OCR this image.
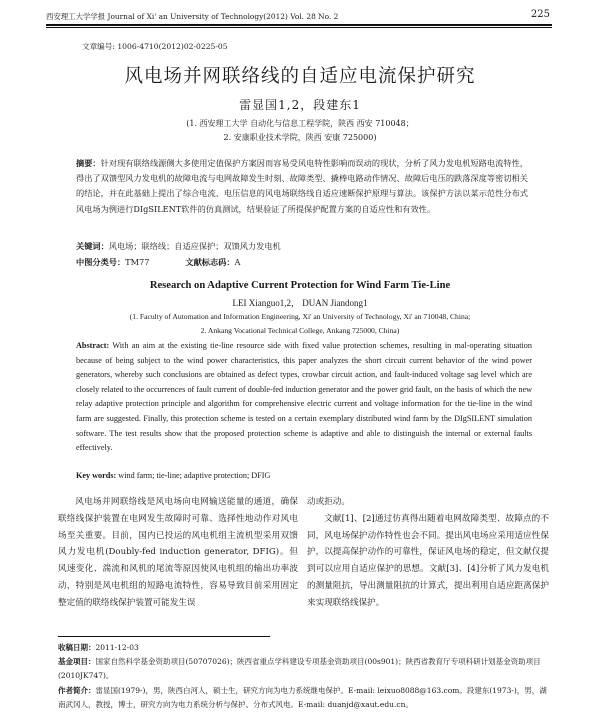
西安理工大学学报 Journal of Xi' an University of Technology(2012) Vol. 28 No. 2	225
文章编号: 1006-4710(2012)02-0225-05
风电场并网联络线的自适应电流保护研究
雷显国1,2，段建东1
(1. 西安理工大学 自动化与信息工程学院，陕西 西安 710048；
2. 安康职业技术学院，陕西 安康 725000)
摘要：针对现有联络线源侧大多使用定值保护方案因而容易受风电特性影响而误动的现状，分析了风力发电机短路电流特性，得出了双馈型风力发电机的故障电流与电网故障发生时刻、故障类型、撬棒电路动作情况、故障后电压的跌落深度等密切相关的结论，并在此基础上提出了综合电流、电压信息的风电场联络线自适应速断保护原理与算法。该保护方法以某示范性分布式风电场为例进行DIgSILENT软件的仿真测试，结果验证了所提保护配置方案的自适应性和有效性。
关键词：风电场；联络线；自适应保护；双馈风力发电机
中图分类号：TM77	文献标志码：A
Research on Adaptive Current Protection for Wind Farm Tie-Line
LEI Xianguo1,2， DUAN Jiandong1
(1. Faculty of Automation and Information Engineering, Xi' an University of Technology, Xi' an 710048, China;
2. Ankang Vocational Technical College, Ankang 725000, China)
Abstract: With an aim at the existing tie-line resource side with fixed value protection schemes, resulting in mal-operating situation because of being subject to the wind power characteristics, this paper analyzes the short circuit current behavior of the wind power generators, whereby such conclusions are obtained as defect types, crowbar circuit action, and fault-induced voltage sag level which are closely related to the occurrences of fault current of double-fed induction generator and the power grid fault, on the basis of which the new relay adaptive protection principle and algorithm for comprehensive electric current and voltage information for the tie-line in the wind farm are suggested. Finally, this protection scheme is tested on a certain exemplary distributed wind farm by the DIgSILENT simulation software. The test results show that the proposed protection scheme is adaptive and able to distinguish the internal or external faults effectively.
Key words: wind farm; tie-line; adaptive protection; DFIG
风电场并网联络线是风电场向电网输送能量的通道，确保联络线保护装置在电网发生故障时可靠、选择性地动作对风电场至关重要。目前，国内已投运的风电机组主流机型采用双馈风力发电机(Doubly-fed induction generator, DFIG)。但风速变化、湍流和风机的尾流等原因使风电机组的输出功率波动，特别是风电机组的短路电流特性，容易导致目前采用固定整定值的联络线保护装置可能发生误

动或拒动。

文献[1]、[2]通过仿真得出随着电网故障类型、故障点的不同，风电场保护动作特性也会不同。提出风电场应采用适应性保护，以提高保护动作的可靠性，保证风电场的稳定，但文献仅提到可以应用自适应保护的思想。文献[3]、[4]分析了风力发电机的测量阻抗，导出测量阻抗的计算式，提出利用自适应距离保护来实现联络线保护。

收稿日期：2011-12-03

基金项目：国家自然科学基金资助项目(50707026)；陕西省重点学科建设专项基金资助项目(00s901)；陕西省教育厅专项科研计划基金资助项目(2010JK747)。

作者简介：雷显国(1979-)，男，陕西白河人，硕士生，研究方向为电力系统继电保护。E-mail: leixuo8088@163.com。段建东(1973-)，男，湖南武冈人，教授，博士，研究方向为电力系统分析与保护、分布式风电。E-mail: duanjd@xaut.edu.cn。
